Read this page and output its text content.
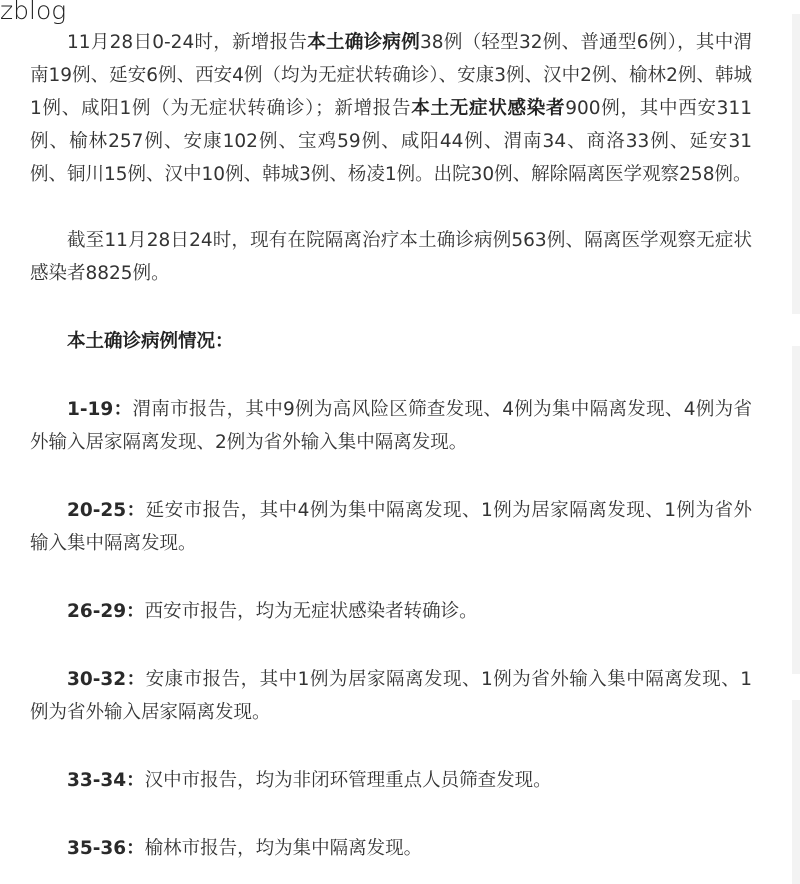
zblog

11月28日0-24时，新增报告本土确诊病例38例（轻型32例、普通型6例），其中渭南19例、延安6例、西安4例（均为无症状转确诊）、安康3例、汉中2例、榆林2例、韩城1例、咸阳1例（为无症状转确诊）；新增报告本土无症状感染者900例，其中西安311例、榆林257例、安康102例、宝鸡59例、咸阳44例、渭南34、商洛33例、延安31例、铜川15例、汉中10例、韩城3例、杨凌1例。出院30例、解除隔离医学观察258例。

截至11月28日24时，现有在院隔离治疗本土确诊病例563例、隔离医学观察无症状感染者8825例。

本土确诊病例情况：

1-19：渭南市报告，其中9例为高风险区筛查发现、4例为集中隔离发现、4例为省外输入居家隔离发现、2例为省外输入集中隔离发现。

20-25：延安市报告，其中4例为集中隔离发现、1例为居家隔离发现、1例为省外输入集中隔离发现。

26-29：西安市报告，均为无症状感染者转确诊。

30-32：安康市报告，其中1例为居家隔离发现、1例为省外输入集中隔离发现、1例为省外输入居家隔离发现。

33-34：汉中市报告，均为非闭环管理重点人员筛查发现。

35-36：榆林市报告，均为集中隔离发现。
